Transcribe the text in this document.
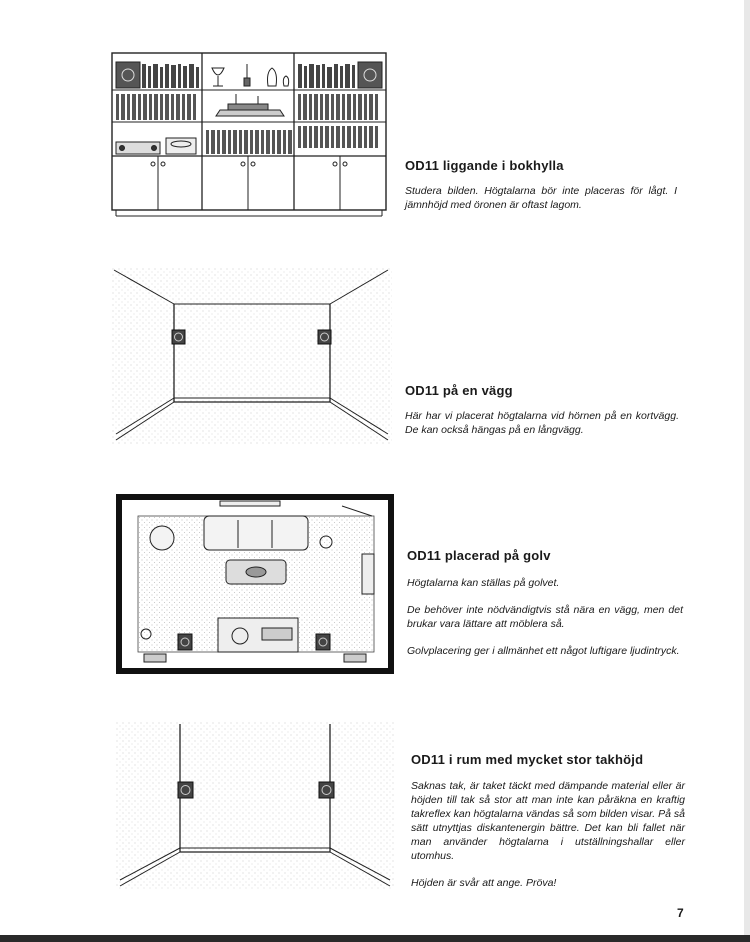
OD11 liggande i bokhylla

Studera bilden. Högtalarna bör inte placeras för lågt. I jämnhöjd med öronen är oftast lagom.

OD11 på en vägg

Här har vi placerat högtalarna vid hörnen på en kortvägg. De kan också hängas på en långvägg.

OD11 placerad på golv

Högtalarna kan ställas på golvet.

De behöver inte nödvändigtvis stå nära en vägg, men det brukar vara lättare att möblera så.

Golvplacering ger i allmänhet ett något luftigare ljudintryck.

OD11 i rum med mycket stor takhöjd

Saknas tak, är taket täckt med dämpande material eller är höjden till tak så stor att man inte kan påräkna en kraftig takreflex kan högtalarna vändas så som bilden visar. På så sätt utnyttjas diskantenergin bättre. Det kan bli fallet när man använder högtalarna i utställningshallar eller utomhus.

Höjden är svår att ange. Pröva!

7
